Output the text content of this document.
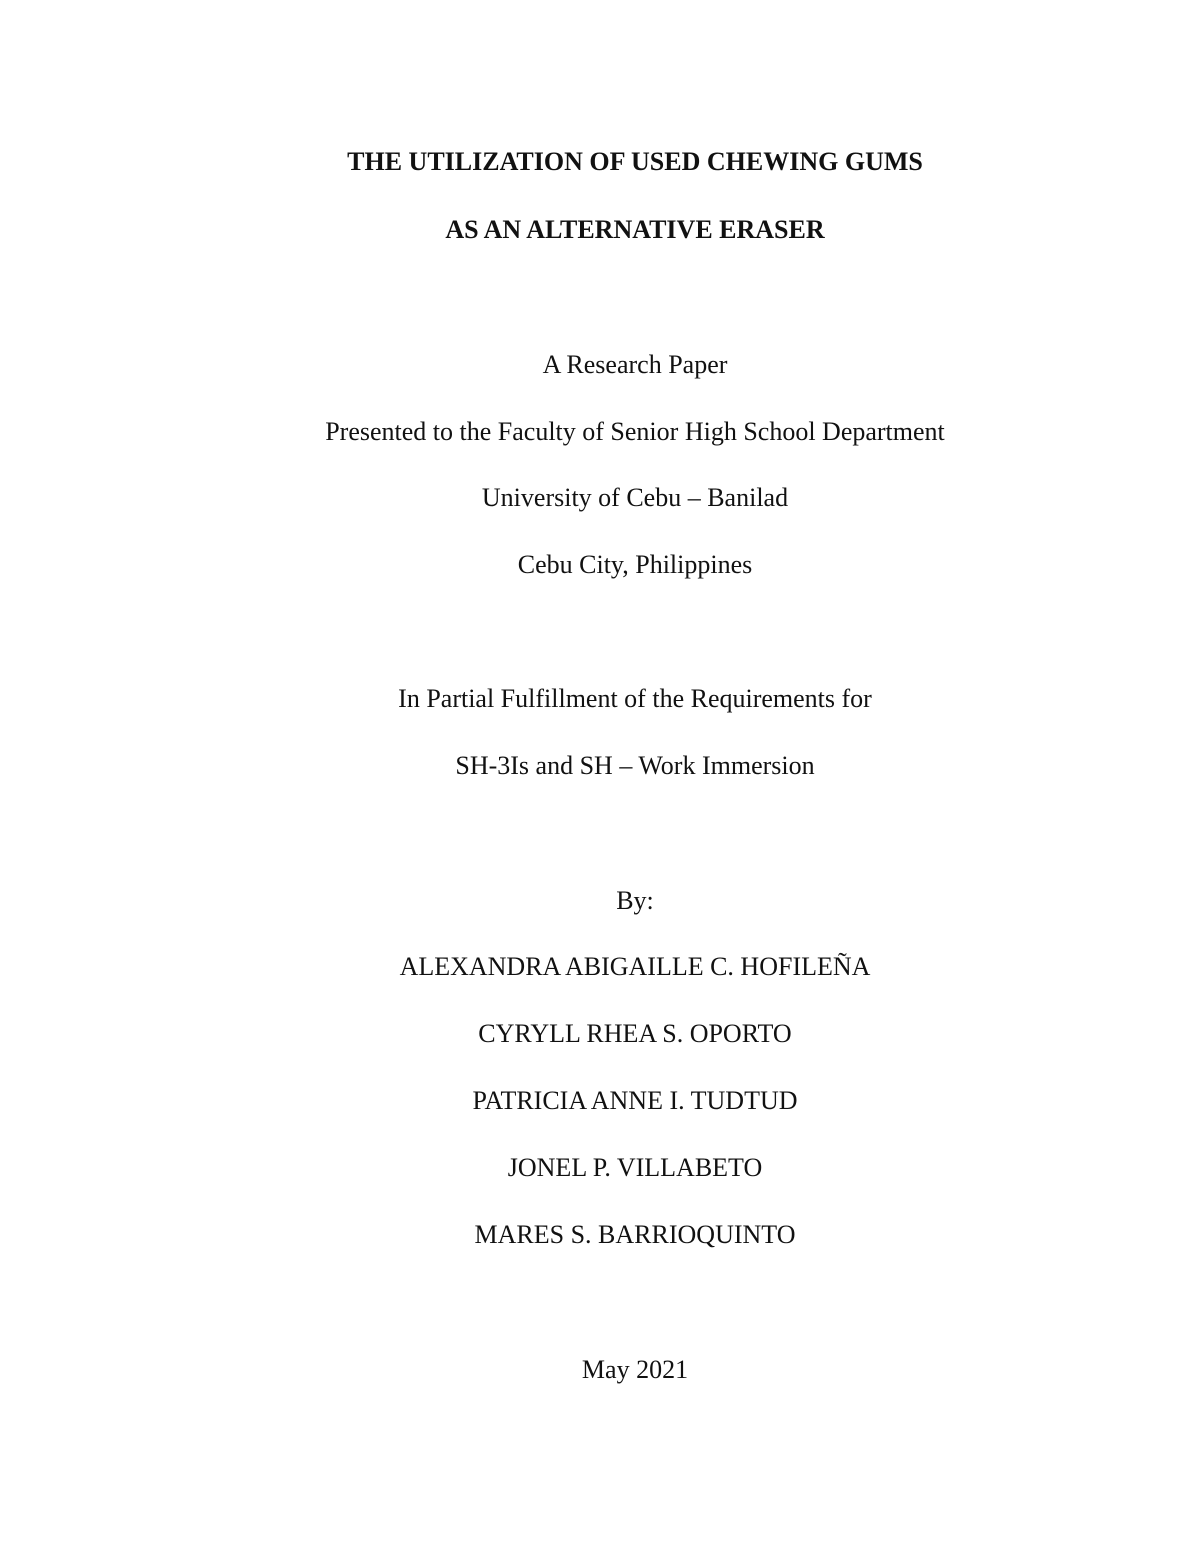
THE UTILIZATION OF USED CHEWING GUMS
AS AN ALTERNATIVE ERASER
A Research Paper
Presented to the Faculty of Senior High School Department
University of Cebu – Banilad
Cebu City, Philippines
In Partial Fulfillment of the Requirements for
SH-3Is and SH – Work Immersion
By:
ALEXANDRA ABIGAILLE C. HOFILEÑA
CYRYLL RHEA S. OPORTO
PATRICIA ANNE I. TUDTUD
JONEL P. VILLABETO
MARES S. BARRIOQUINTO
May 2021
